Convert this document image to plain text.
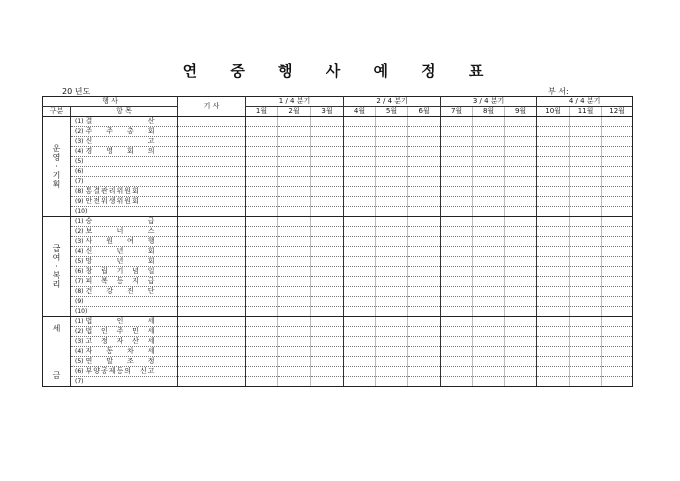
연 중 행 사 예 정 표
20 년도	부 서:
행 사		기 사	1 / 4 분기			2 / 4 분기			3 / 4 분기			4 / 4 분기		
구분	항 목		1월	2월	3월	4월	5월	6월	7월	8월	9월	10월	11월	12월

운
영
·
기
획	(1) 결 산													
	(2) 주 주 총 회													
	(3) 신 고													
	(4) 경 영 회 의													
	(5)													
	(6)													
	(7)													
	(8) 통결관리위원회													
	(9) 안전위생위원회													
	(10)													

급
여
·
복
리	(1) 승 급													
	(2) 보 너 스													
	(3) 사 원 여 행													
	(4) 신 년 회													
	(5) 망 년 회													
	(6) 창 립 기 념 일													
	(7) 피 복 등 지 급													
	(8) 건 강 진 단													
	(9)													
	(10)													

세
금	(1) 법 인 세													
	(2) 법 인 주 민 세													
	(3) 고 정 자 산 세													
	(4) 자 동 차 세													
	(5) 연 말 조 정													
	(6) 부양공제등의 신고													
	(7)													
